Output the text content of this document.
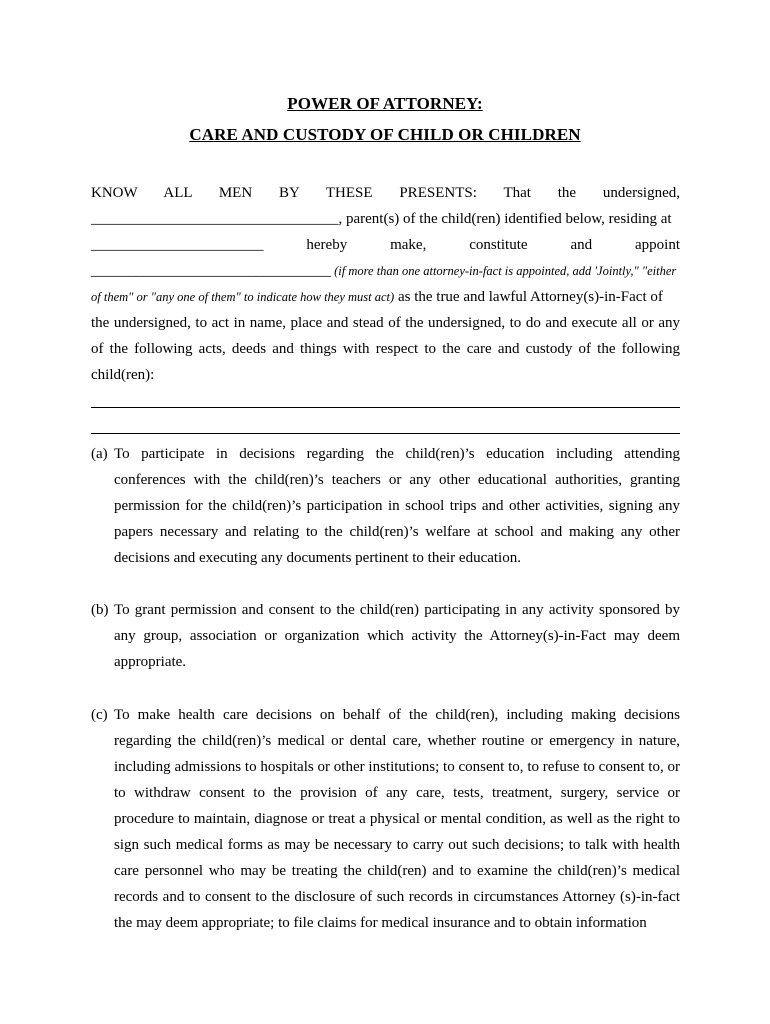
POWER OF ATTORNEY:
CARE AND CUSTODY OF CHILD OR CHILDREN
KNOW ALL MEN BY THESE PRESENTS: That the undersigned,
_________________________________, parent(s) of the child(ren) identified below, residing at
_______________________	hereby	make,	constitute	and	appoint
________________________________ (if more than one attorney-in-fact is appointed, add 'Jointly," "either
of them" or "any one of them" to indicate how they must act) as the true and lawful Attorney(s)-in-Fact of
the undersigned, to act in name, place and stead of the undersigned, to do and execute all or any
of the following acts, deeds and things with respect to the care and custody of the following
child(ren):
(a) To participate in decisions regarding the child(ren)’s education including attending conferences with the child(ren)’s teachers or any other educational authorities, granting permission for the child(ren)’s participation in school trips and other activities, signing any papers necessary and relating to the child(ren)’s welfare at school and making any other decisions and executing any documents pertinent to their education.
(b) To grant permission and consent to the child(ren) participating in any activity sponsored by any group, association or organization which activity the Attorney(s)-in-Fact may deem appropriate.
(c) To make health care decisions on behalf of the child(ren), including making decisions regarding the child(ren)’s medical or dental care, whether routine or emergency in nature, including admissions to hospitals or other institutions; to consent to, to refuse to consent to, or to withdraw consent to the provision of any care, tests, treatment, surgery, service or procedure to maintain, diagnose or treat a physical or mental condition, as well as the right to sign such medical forms as may be necessary to carry out such decisions; to talk with health care personnel who may be treating the child(ren) and to examine the child(ren)’s medical records and to consent to the disclosure of such records in circumstances Attorney (s)-in-fact the may deem appropriate; to file claims for medical insurance and to obtain information
